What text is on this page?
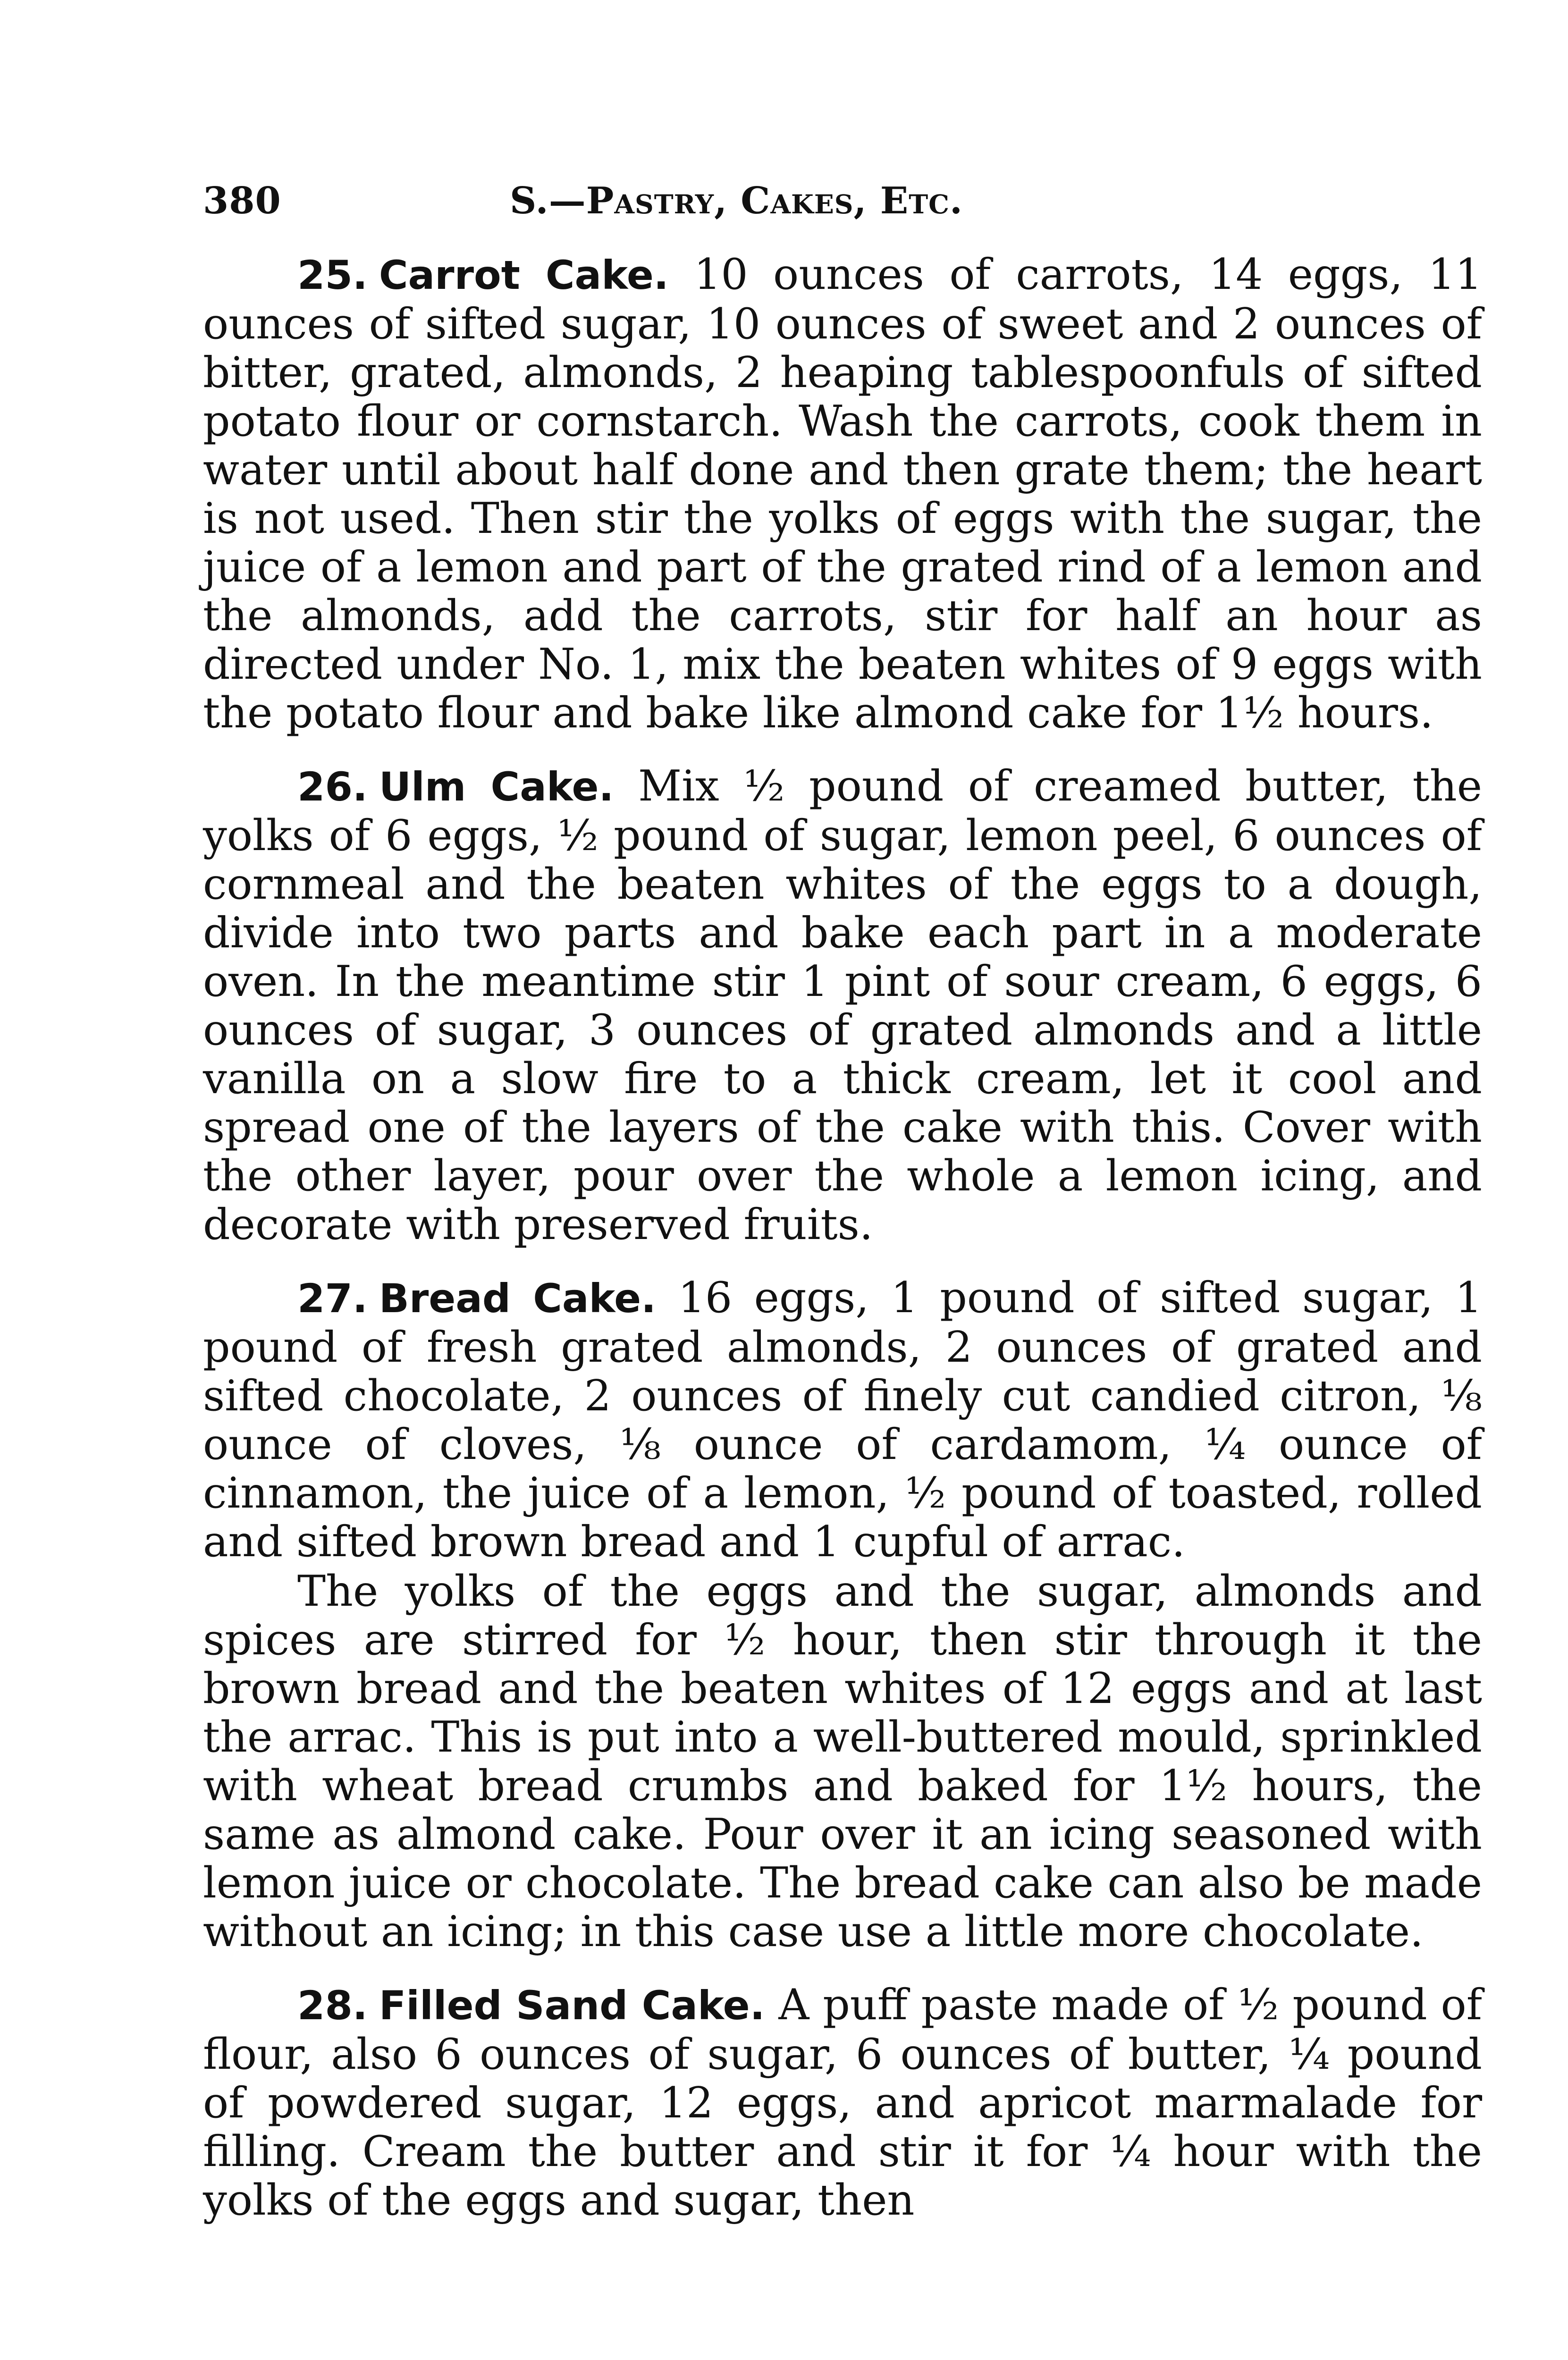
380	S.—Pastry, Cakes, Etc.

25. Carrot Cake. 10 ounces of carrots, 14 eggs, 11 ounces of sifted sugar, 10 ounces of sweet and 2 ounces of bitter, grated, almonds, 2 heaping tablespoonfuls of sifted potato flour or cornstarch. Wash the carrots, cook them in water until about half done and then grate them; the heart is not used. Then stir the yolks of eggs with the sugar, the juice of a lemon and part of the grated rind of a lemon and the almonds, add the carrots, stir for half an hour as directed under No. 1, mix the beaten whites of 9 eggs with the potato flour and bake like almond cake for 1½ hours.

26. Ulm Cake. Mix ½ pound of creamed butter, the yolks of 6 eggs, ½ pound of sugar, lemon peel, 6 ounces of cornmeal and the beaten whites of the eggs to a dough, divide into two parts and bake each part in a moderate oven. In the meantime stir 1 pint of sour cream, 6 eggs, 6 ounces of sugar, 3 ounces of grated almonds and a little vanilla on a slow fire to a thick cream, let it cool and spread one of the layers of the cake with this. Cover with the other layer, pour over the whole a lemon icing, and decorate with preserved fruits.

27. Bread Cake. 16 eggs, 1 pound of sifted sugar, 1 pound of fresh grated almonds, 2 ounces of grated and sifted chocolate, 2 ounces of finely cut candied citron, ⅛ ounce of cloves, ⅛ ounce of cardamom, ¼ ounce of cinnamon, the juice of a lemon, ½ pound of toasted, rolled and sifted brown bread and 1 cupful of arrac.

The yolks of the eggs and the sugar, almonds and spices are stirred for ½ hour, then stir through it the brown bread and the beaten whites of 12 eggs and at last the arrac. This is put into a well-buttered mould, sprinkled with wheat bread crumbs and baked for 1½ hours, the same as almond cake. Pour over it an icing seasoned with lemon juice or chocolate. The bread cake can also be made without an icing; in this case use a little more chocolate.

28. Filled Sand Cake. A puff paste made of ½ pound of flour, also 6 ounces of sugar, 6 ounces of butter, ¼ pound of powdered sugar, 12 eggs, and apricot marmalade for filling. Cream the butter and stir it for ¼ hour with the yolks of the eggs and sugar, then
